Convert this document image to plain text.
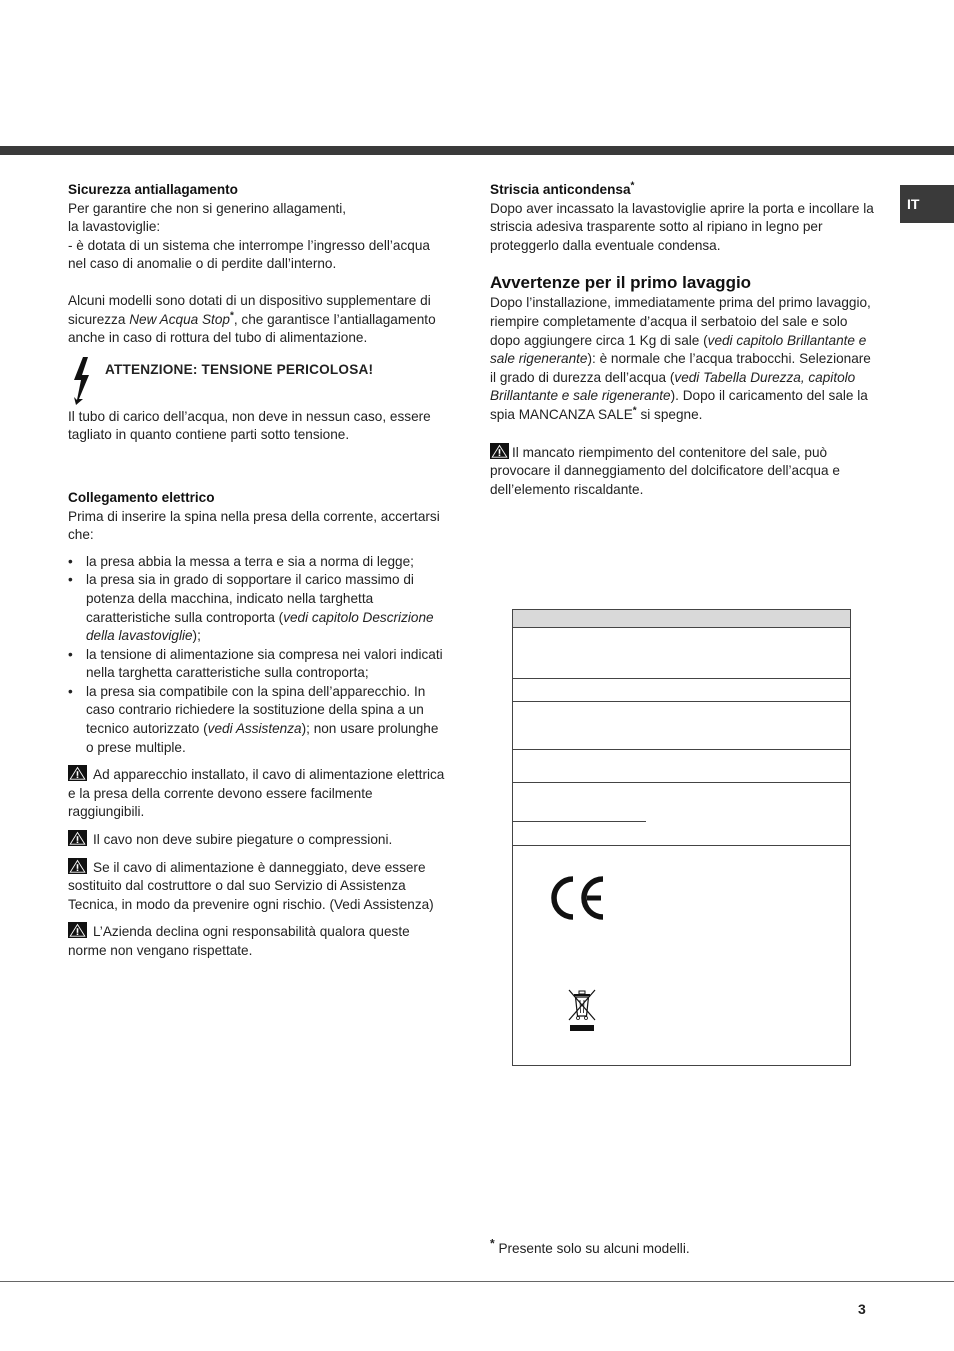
IT
Sicurezza antiallagamento

Per garantire che non si generino allagamenti,

la lavastoviglie:

- è dotata di un sistema che interrompe l’ingresso dell’acqua nel caso di anomalie o di perdite dall’interno.

Alcuni modelli sono dotati di un dispositivo supplementare di sicurezza New Acqua Stop*, che garantisce l’antiallagamento anche in caso di rottura del tubo di alimentazione.

ATTENZIONE: TENSIONE PERICOLOSA!

Il tubo di carico dell’acqua, non deve in nessun caso, essere tagliato in quanto contiene parti sotto tensione.

Collegamento elettrico

Prima di inserire la spina nella presa della corrente, accertarsi che:

• la presa abbia la messa a terra e sia a norma di legge;
• la presa sia in grado di sopportare il carico massimo di potenza della macchina, indicato nella targhetta caratteristiche sulla controporta (vedi capitolo Descrizione della lavastoviglie);
• la tensione di alimentazione sia compresa nei valori indicati nella targhetta caratteristiche sulla controporta;
• la presa sia compatibile con la spina dell’apparecchio. In caso contrario richiedere la sostituzione della spina a un tecnico autorizzato (vedi Assistenza); non usare prolunghe o prese multiple.

Ad apparecchio installato, il cavo di alimentazione elettrica e la presa della corrente devono essere facilmente raggiungibili.

Il cavo non deve subire piegature o compressioni.

Se il cavo di alimentazione è danneggiato, deve essere sostituito dal costruttore o dal suo Servizio di Assistenza Tecnica, in modo da prevenire ogni rischio. (Vedi Assistenza)

L’Azienda declina ogni responsabilità qualora queste norme non vengano rispettate.

Striscia anticondensa*

Dopo aver incassato la lavastoviglie aprire la porta e incollare la striscia adesiva trasparente sotto al ripiano in legno per proteggerlo dalla eventuale condensa.

Avvertenze per il primo lavaggio

Dopo l’installazione, immediatamente prima del primo lavaggio, riempire completamente d’acqua il serbatoio del sale e solo dopo aggiungere circa 1 Kg di sale (vedi capitolo Brillantante e sale rigenerante): è normale che l’acqua trabocchi. Selezionare il grado di durezza dell’acqua (vedi Tabella Durezza, capitolo Brillantante e sale rigenerante). Dopo il caricamento del sale la spia MANCANZA SALE* si spegne.

Il mancato riempimento del contenitore del sale, può provocare il danneggiamento del dolcificatore dell’acqua e dell’elemento riscaldante.

* Presente solo su alcuni modelli.
3
